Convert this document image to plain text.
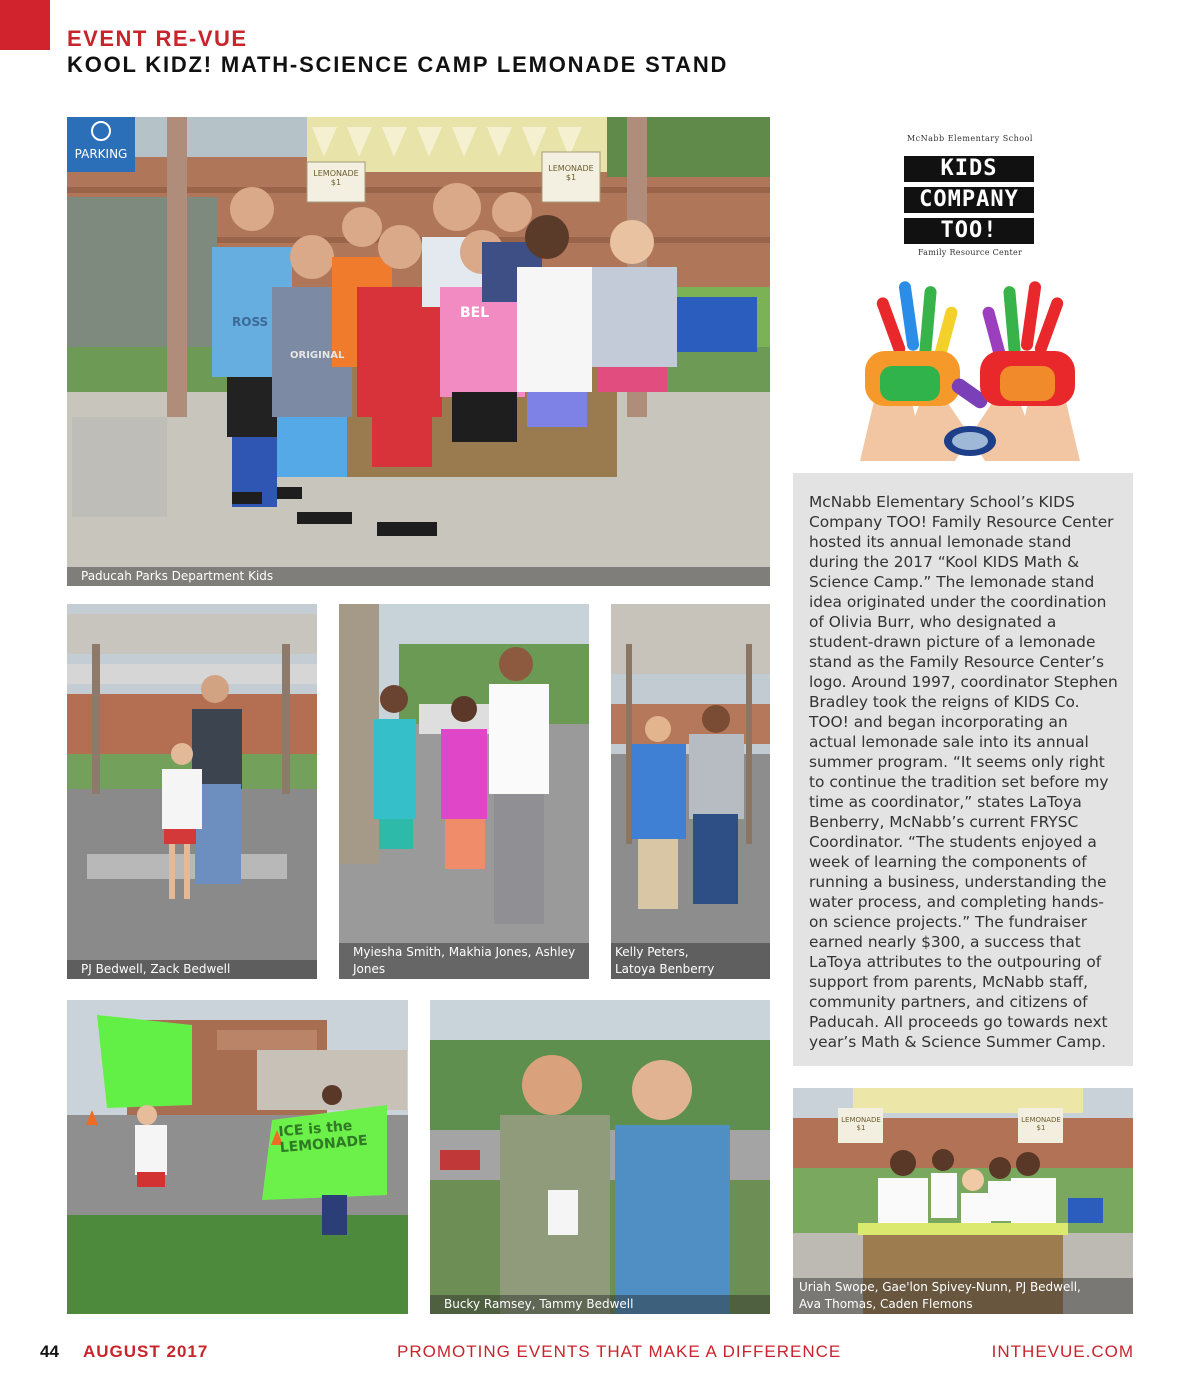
EVENT RE-VUE
KOOL KIDZ! MATH-SCIENCE CAMP LEMONADE STAND
PARKING
LEMONADE $1
LEMONADE $1
ROSS
ORIGINAL
BEL
Paducah Parks Department Kids
PJ Bedwell, Zack Bedwell
Myiesha Smith, Makhia Jones, Ashley Jones
Kelly Peters,
Latoya Benberry
ICE is the LEMONADE
Bucky Ramsey, Tammy Bedwell
McNabb Elementary School
KIDS
COMPANY
TOO!
Family Resource Center

McNabb Elementary School’s KIDS Company TOO! Family Resource Center hosted its annual lemonade stand during the 2017 “Kool KIDS Math & Science Camp.” The lemonade stand idea originated under the coordination of Olivia Burr, who designated a student-drawn picture of a lemonade stand as the Family Resource Center’s logo. Around 1997, coordinator Stephen Bradley took the reigns of KIDS Co. TOO! and began incorporating an actual lemonade sale into its annual summer program. “It seems only right to continue the tradition set before my time as coordinator,” states LaToya Benberry, McNabb’s current FRYSC Coordinator. “The students enjoyed a week of learning the components of running a business, understanding the water process, and completing hands-on science projects.” The fundraiser earned nearly $300, a success that LaToya attributes to the outpouring of support from parents, McNabb staff, community partners, and citizens of Paducah. All proceeds go towards next year’s Math & Science Summer Camp.

LEMONADE $1
LEMONADE $1
Uriah Swope, Gae'lon Spivey-Nunn, PJ Bedwell,
Ava Thomas, Caden Flemons
44 AUGUST 2017	PROMOTING EVENTS THAT MAKE A DIFFERENCE	INTHEVUE.COM
